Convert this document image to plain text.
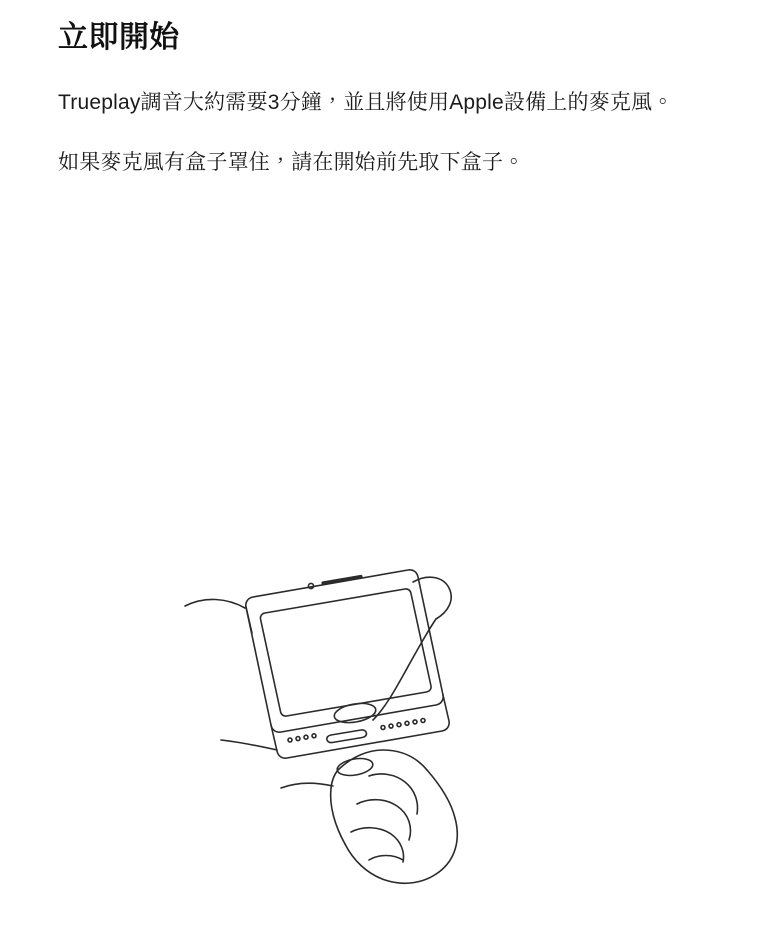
立即開始

Trueplay調音大約需要3分鐘，並且將使用Apple設備上的麥克風。

如果麥克風有盒子罩住，請在開始前先取下盒子。
